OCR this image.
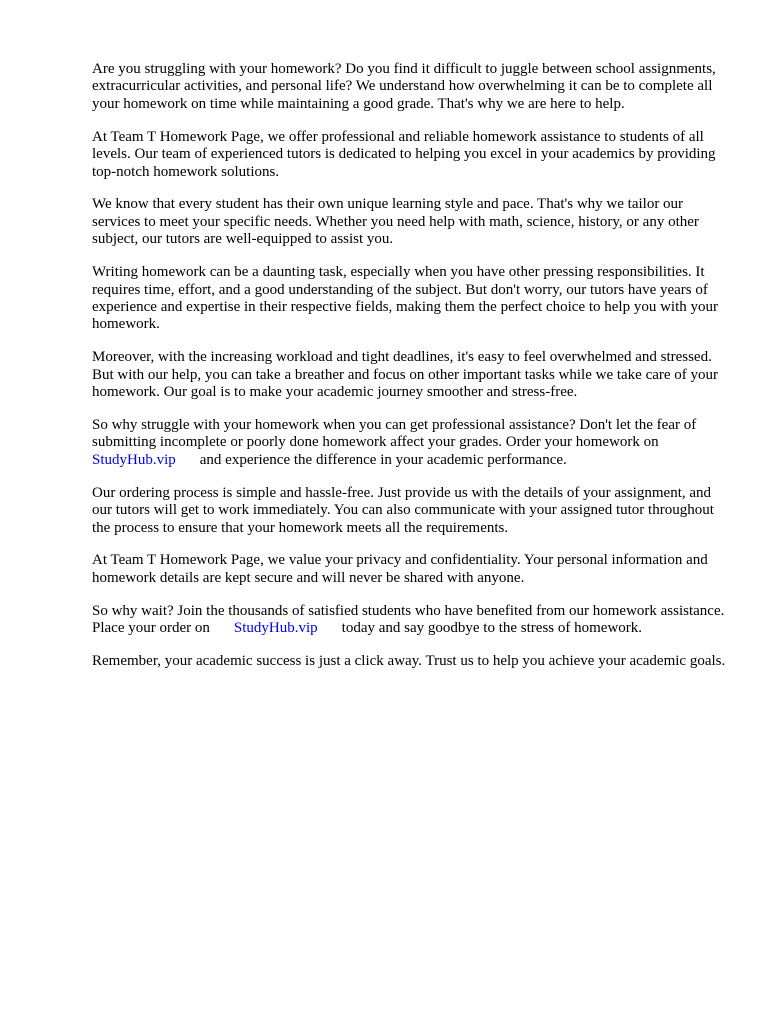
Are you struggling with your homework? Do you find it difficult to juggle between school assignments, extracurricular activities, and personal life? We understand how overwhelming it can be to complete all your homework on time while maintaining a good grade. That's why we are here to help.

At Team T Homework Page, we offer professional and reliable homework assistance to students of all levels. Our team of experienced tutors is dedicated to helping you excel in your academics by providing top-notch homework solutions.

We know that every student has their own unique learning style and pace. That's why we tailor our services to meet your specific needs. Whether you need help with math, science, history, or any other subject, our tutors are well-equipped to assist you.

Writing homework can be a daunting task, especially when you have other pressing responsibilities. It requires time, effort, and a good understanding of the subject. But don't worry, our tutors have years of experience and expertise in their respective fields, making them the perfect choice to help you with your homework.

Moreover, with the increasing workload and tight deadlines, it's easy to feel overwhelmed and stressed. But with our help, you can take a breather and focus on other important tasks while we take care of your homework. Our goal is to make your academic journey smoother and stress-free.

So why struggle with your homework when you can get professional assistance? Don't let the fear of submitting incomplete or poorly done homework affect your grades. Order your homework on
StudyHub.vip and experience the difference in your academic performance.

Our ordering process is simple and hassle-free. Just provide us with the details of your assignment, and our tutors will get to work immediately. You can also communicate with your assigned tutor throughout the process to ensure that your homework meets all the requirements.

At Team T Homework Page, we value your privacy and confidentiality. Your personal information and homework details are kept secure and will never be shared with anyone.

So why wait? Join the thousands of satisfied students who have benefited from our homework assistance. Place your order on StudyHub.vip today and say goodbye to the stress of homework.

Remember, your academic success is just a click away. Trust us to help you achieve your academic goals.
